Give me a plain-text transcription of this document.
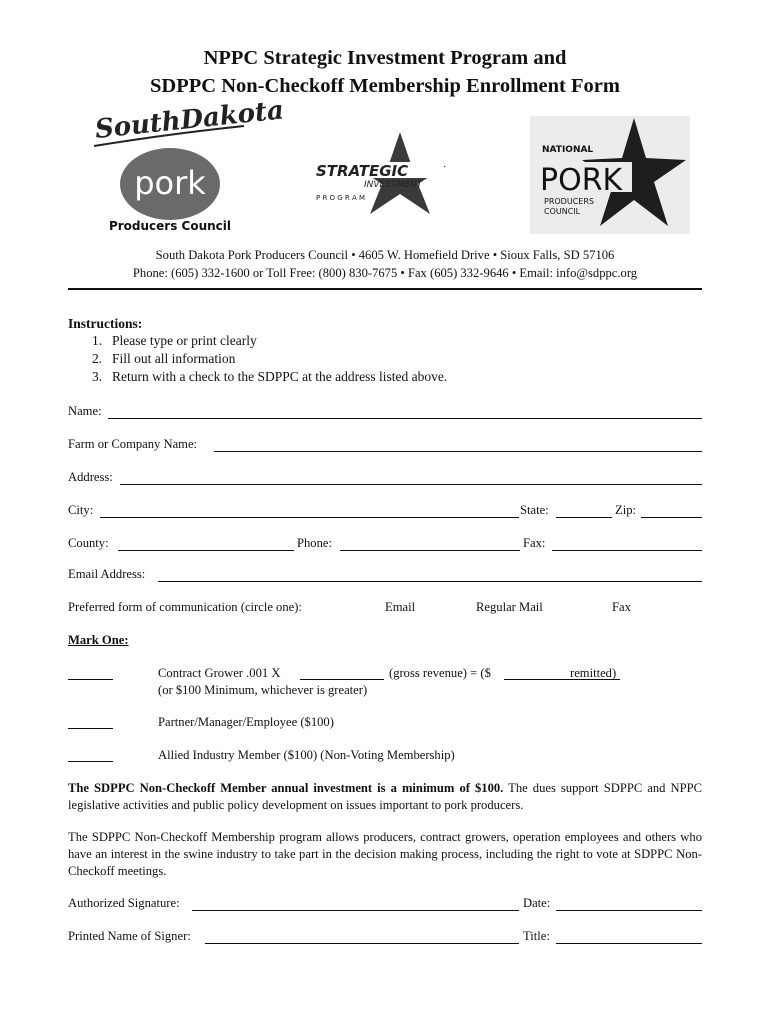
NPPC Strategic Investment Program and
SDPPC Non-Checkoff Membership Enrollment Form
SouthDakota
pork
Producers Council
STRATEGIC
INVESTMENT
P R O G R A M
NATIONAL
PORK
PRODUCERS
COUNCIL
South Dakota Pork Producers Council • 4605 W. Homefield Drive • Sioux Falls, SD 57106
Phone: (605) 332-1600 or Toll Free: (800) 830-7675 • Fax (605) 332-9646 • Email: info@sdppc.org
Instructions:
1. Please type or print clearly
2. Fill out all information
3. Return with a check to the SDPPC at the address listed above.
Name:
Farm or Company Name:
Address:
City:	State:	Zip:
County:	Phone:	Fax:
Email Address:
Preferred form of communication (circle one):	Email	Regular Mail	Fax
Mark One:
Contract Grower .001 X	(gross revenue) = ($	remitted)
(or $100 Minimum, whichever is greater)
Partner/Manager/Employee ($100)
Allied Industry Member ($100) (Non-Voting Membership)
The SDPPC Non-Checkoff Member annual investment is a minimum of $100. The dues support SDPPC and NPPC legislative activities and public policy development on issues important to pork producers.
The SDPPC Non-Checkoff Membership program allows producers, contract growers, operation employees and others who have an interest in the swine industry to take part in the decision making process, including the right to vote at SDPPC Non-Checkoff meetings.
Authorized Signature:	Date:
Printed Name of Signer:	Title:
